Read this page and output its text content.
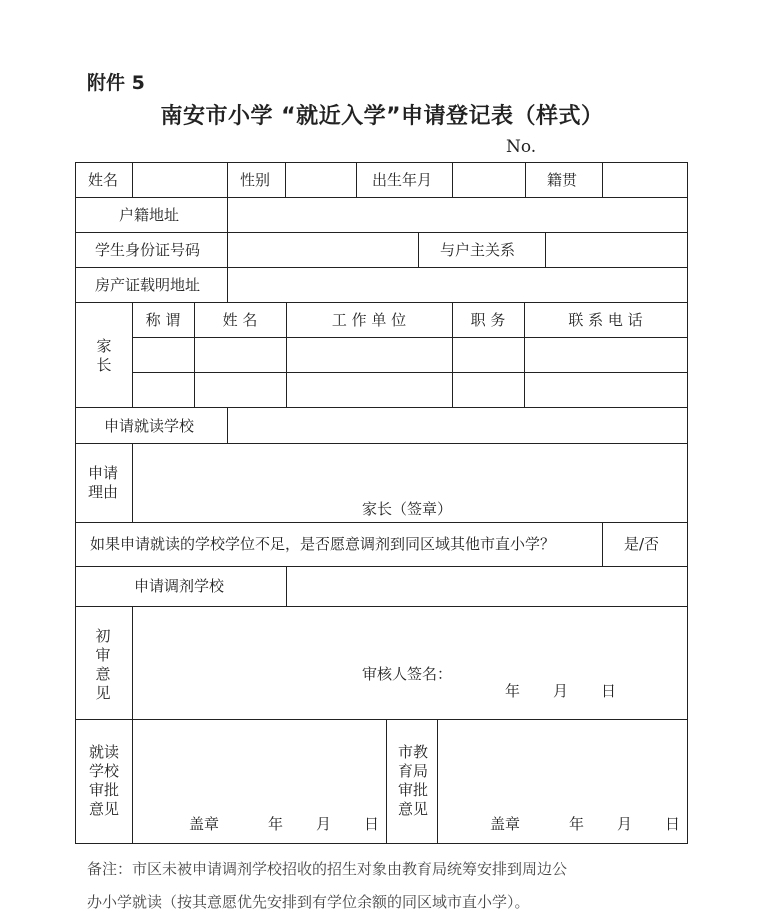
附件 5
南安市小学 “就近入学”申请登记表（样式）
No.
姓名	性别	出生年月	籍贯
户籍地址
学生身份证号码	与户主关系
房产证载明地址
家长
称 谓	姓 名	工 作 单 位	职 务	联 系 电 话
申请就读学校
申请理由
家长（签章）
如果申请就读的学校学位不足，是否愿意调剂到同区域其他市直小学？	是/否
申请调剂学校
初审意见
审核人签名：
年 月 日
就读学校审批意见
盖章	年 月 日
市教育局审批意见
盖章	年 月 日
备注：市区未被申请调剂学校招收的招生对象由教育局统筹安排到周边公
办小学就读（按其意愿优先安排到有学位余额的同区域市直小学）。
